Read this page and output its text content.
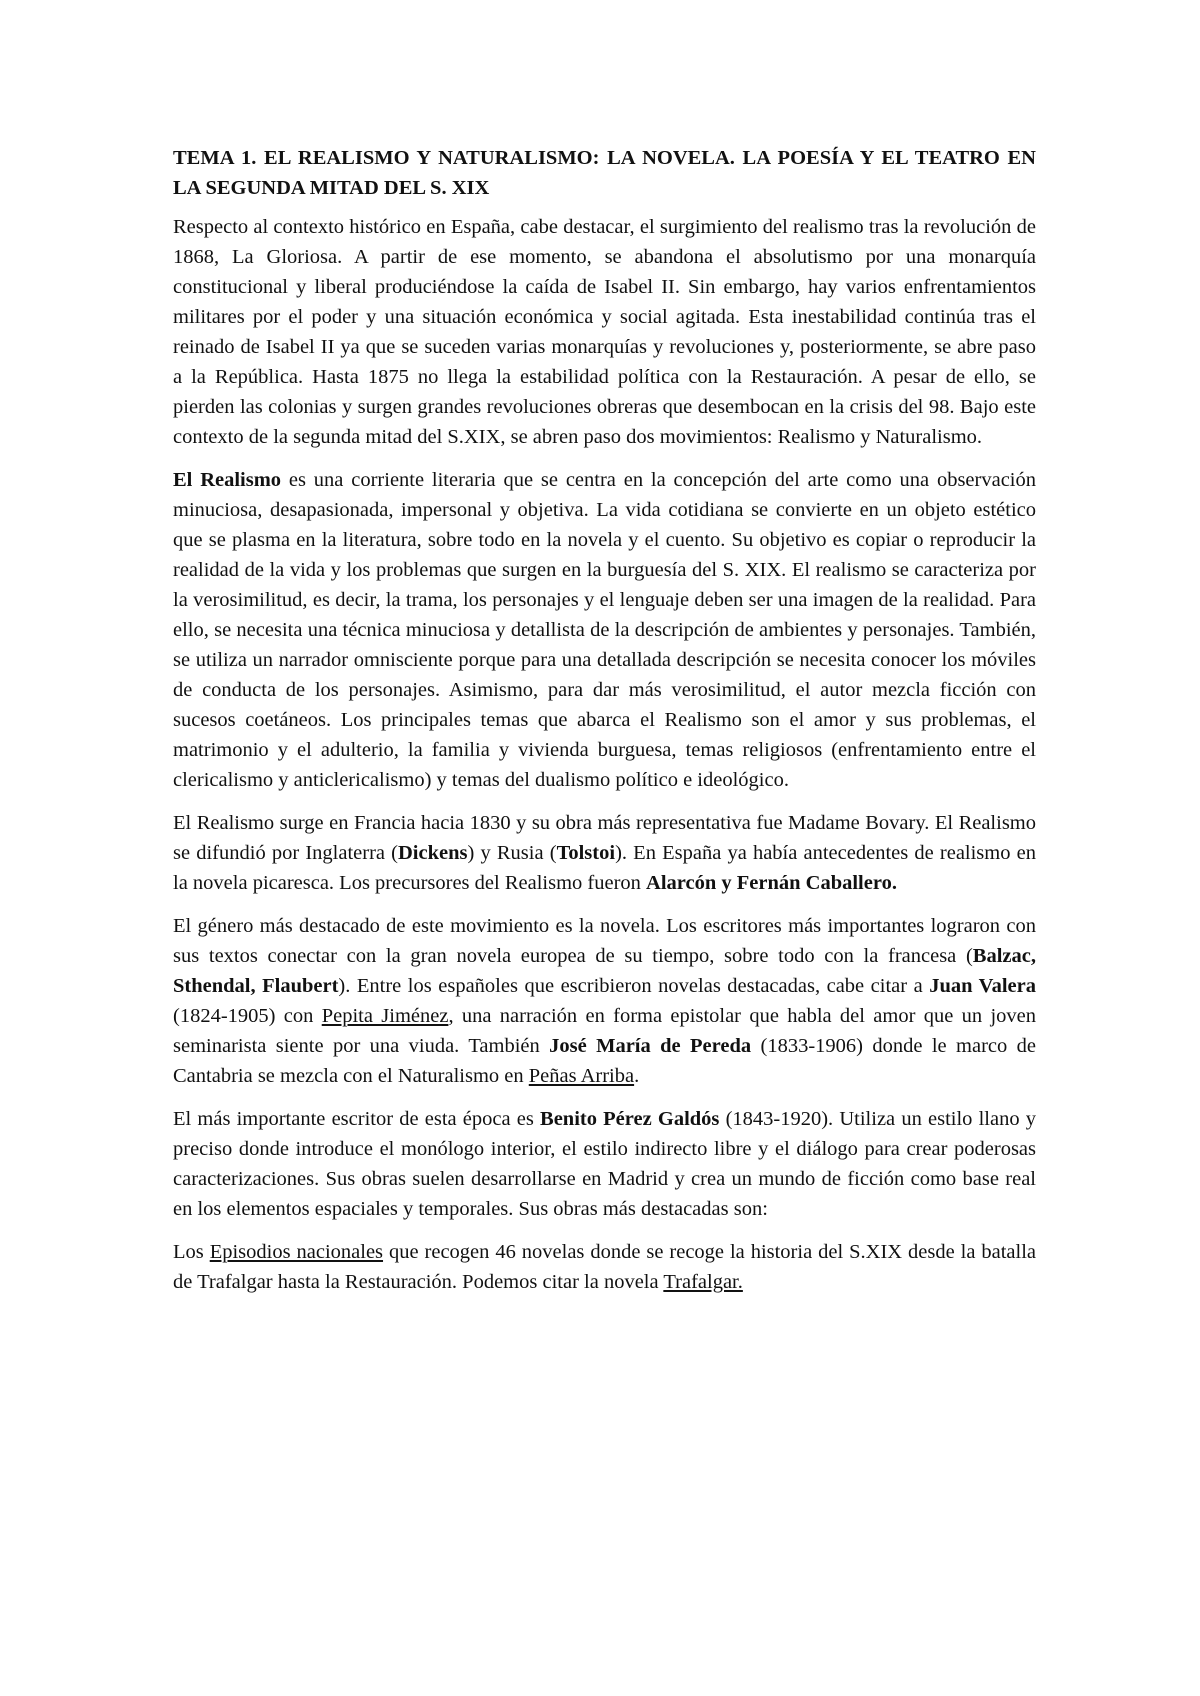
TEMA 1. EL REALISMO Y NATURALISMO: LA NOVELA. LA POESÍA Y EL TEATRO EN LA SEGUNDA MITAD DEL S. XIX

Respecto al contexto histórico en España, cabe destacar, el surgimiento del realismo tras la revolución de 1868, La Gloriosa. A partir de ese momento, se abandona el absolutismo por una monarquía constitucional y liberal produciéndose la caída de Isabel II. Sin embargo, hay varios enfrentamientos militares por el poder y una situación económica y social agitada. Esta inestabilidad continúa tras el reinado de Isabel II ya que se suceden varias monarquías y revoluciones y, posteriormente, se abre paso a la República. Hasta 1875 no llega la estabilidad política con la Restauración. A pesar de ello, se pierden las colonias y surgen grandes revoluciones obreras que desembocan en la crisis del 98. Bajo este contexto de la segunda mitad del S.XIX, se abren paso dos movimientos: Realismo y Naturalismo.

El Realismo es una corriente literaria que se centra en la concepción del arte como una observación minuciosa, desapasionada, impersonal y objetiva. La vida cotidiana se convierte en un objeto estético que se plasma en la literatura, sobre todo en la novela y el cuento. Su objetivo es copiar o reproducir la realidad de la vida y los problemas que surgen en la burguesía del S. XIX. El realismo se caracteriza por la verosimilitud, es decir, la trama, los personajes y el lenguaje deben ser una imagen de la realidad. Para ello, se necesita una técnica minuciosa y detallista de la descripción de ambientes y personajes. También, se utiliza un narrador omnisciente porque para una detallada descripción se necesita conocer los móviles de conducta de los personajes. Asimismo, para dar más verosimilitud, el autor mezcla ficción con sucesos coetáneos. Los principales temas que abarca el Realismo son el amor y sus problemas, el matrimonio y el adulterio, la familia y vivienda burguesa, temas religiosos (enfrentamiento entre el clericalismo y anticlericalismo) y temas del dualismo político e ideológico.

El Realismo surge en Francia hacia 1830 y su obra más representativa fue Madame Bovary. El Realismo se difundió por Inglaterra (Dickens) y Rusia (Tolstoi). En España ya había antecedentes de realismo en la novela picaresca. Los precursores del Realismo fueron Alarcón y Fernán Caballero.

El género más destacado de este movimiento es la novela. Los escritores más importantes lograron con sus textos conectar con la gran novela europea de su tiempo, sobre todo con la francesa (Balzac, Sthendal, Flaubert). Entre los españoles que escribieron novelas destacadas, cabe citar a Juan Valera (1824-1905) con Pepita Jiménez, una narración en forma epistolar que habla del amor que un joven seminarista siente por una viuda. También José María de Pereda (1833-1906) donde le marco de Cantabria se mezcla con el Naturalismo en Peñas Arriba.

El más importante escritor de esta época es Benito Pérez Galdós (1843-1920). Utiliza un estilo llano y preciso donde introduce el monólogo interior, el estilo indirecto libre y el diálogo para crear poderosas caracterizaciones. Sus obras suelen desarrollarse en Madrid y crea un mundo de ficción como base real en los elementos espaciales y temporales. Sus obras más destacadas son:

Los Episodios nacionales que recogen 46 novelas donde se recoge la historia del S.XIX desde la batalla de Trafalgar hasta la Restauración. Podemos citar la novela Trafalgar.
